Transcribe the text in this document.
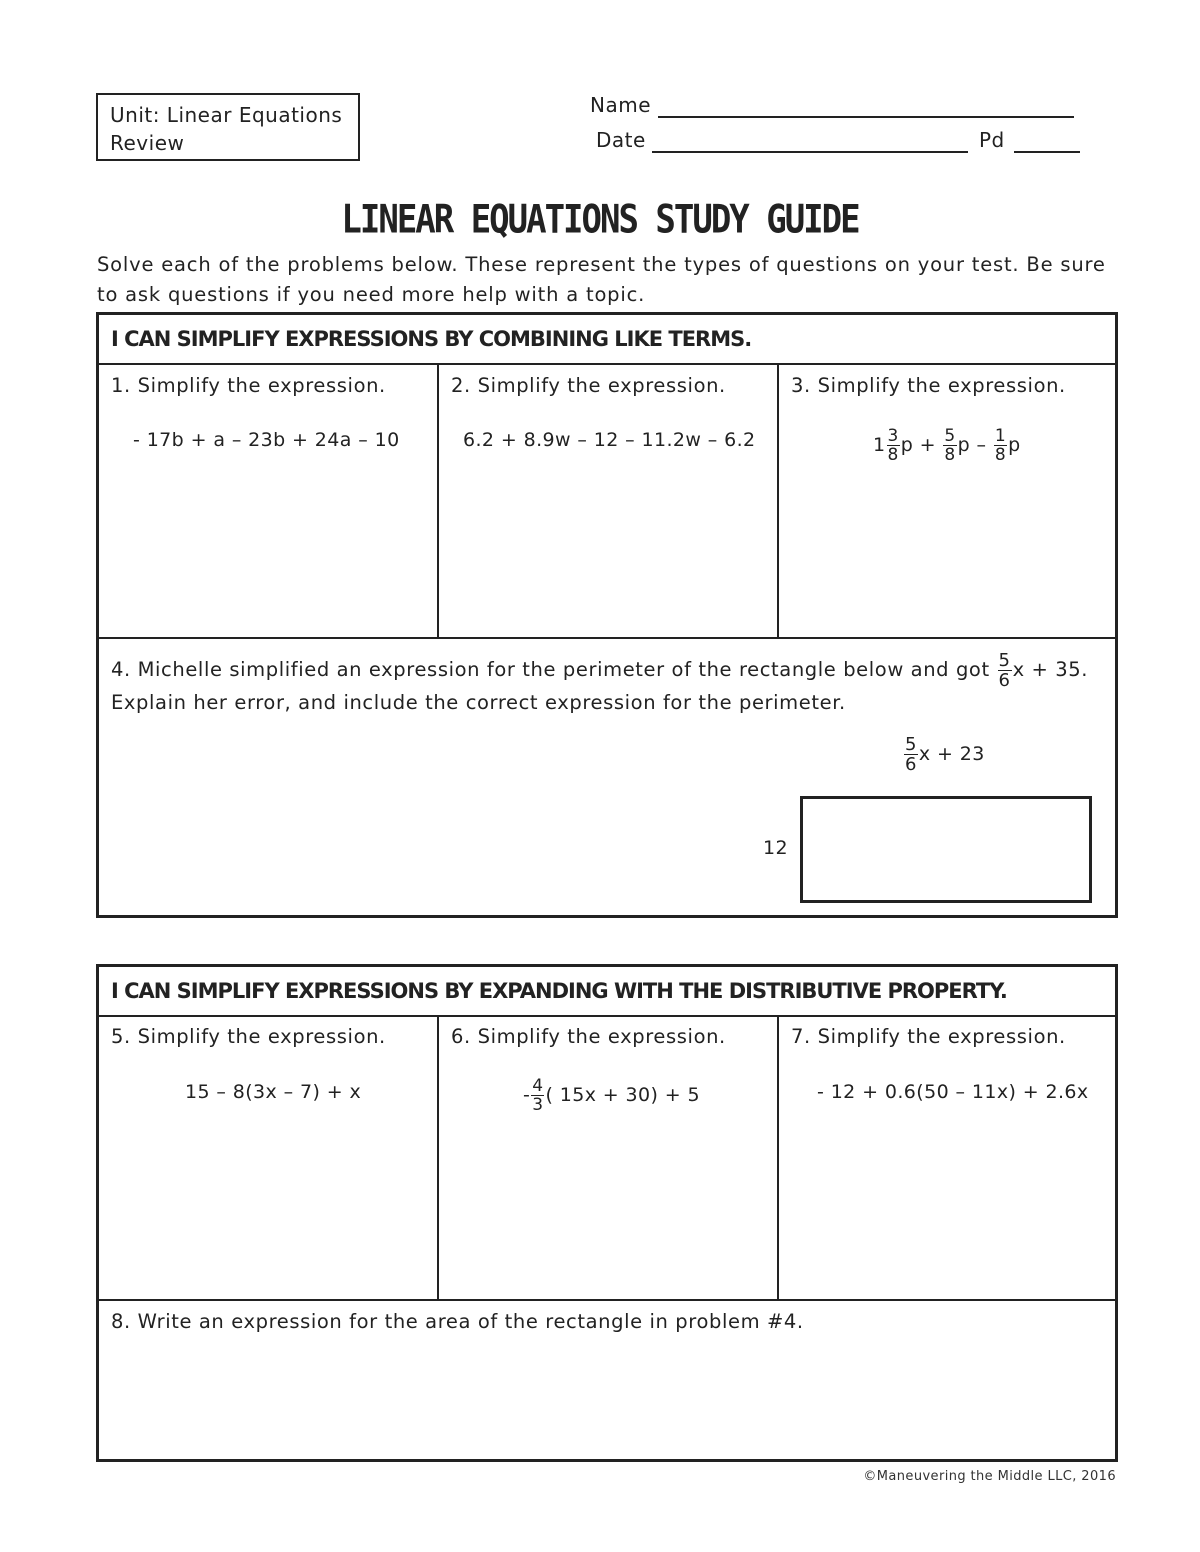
Unit: Linear Equations
Review
Name
Date	Pd
LINEAR EQUATIONS STUDY GUIDE
Solve each of the problems below. These represent the types of questions on your test. Be sure to ask questions if you need more help with a topic.
I CAN SIMPLIFY EXPRESSIONS BY COMBINING LIKE TERMS.
1. Simplify the expression.
- 17b + a – 23b + 24a – 10
2. Simplify the expression.
6.2 + 8.9w – 12 – 11.2w – 6.2
3. Simplify the expression.
$1 \frac{3}{8}$ $p + \frac{5}{8}$ p – $\frac{1}{8}$ p
4. Michelle simplified an expression for the perimeter of the rectangle below and got $\frac{5}{6}$ x + 35.
Explain her error, and include the correct expression for the perimeter.
$\frac{5}{6}$ x + 23
12
I CAN SIMPLIFY EXPRESSIONS BY EXPANDING WITH THE DISTRIBUTIVE PROPERTY.
5. Simplify the expression.
15 – 8(3x – 7) + x
6. Simplify the expression.
- $\frac{4}{3}$ ( 15x + 30) + 5
7. Simplify the expression.
- 12 + 0.6(50 – 11x) + 2.6x
8. Write an expression for the area of the rectangle in problem #4.
©Maneuvering the Middle LLC, 2016
